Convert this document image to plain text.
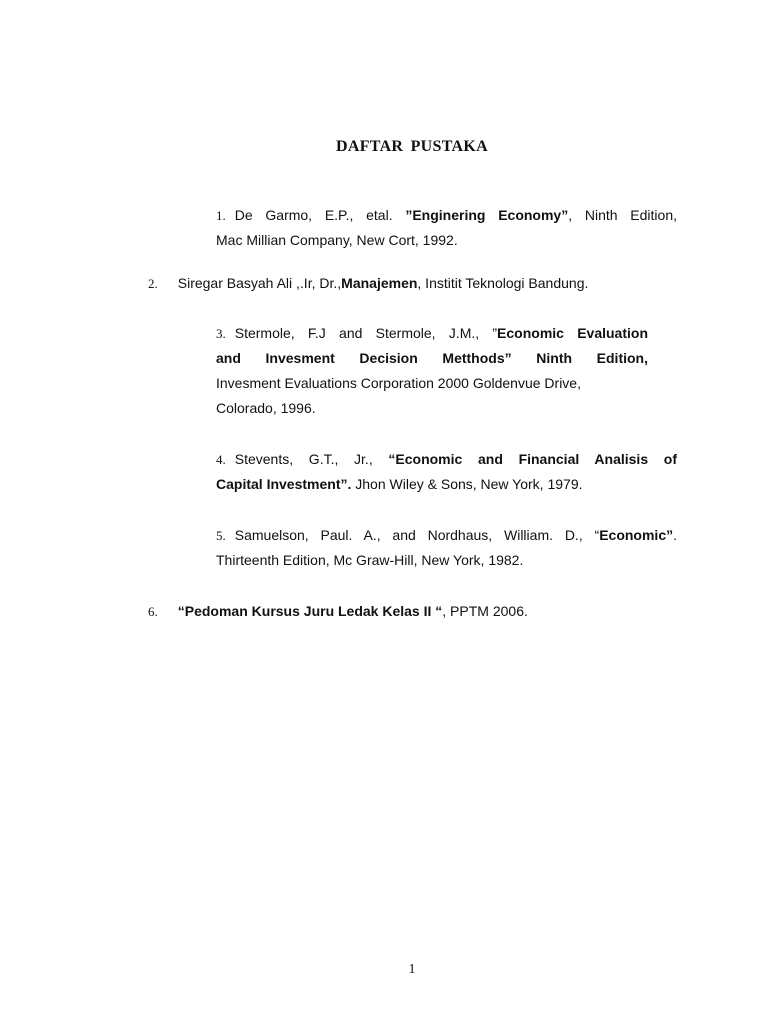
DAFTAR PUSTAKA
1. De Garmo, E.P., etal. ”Enginering Economy”, Ninth Edition,
Mac Millian Company, New Cort, 1992.
2. Siregar Basyah Ali ,.Ir, Dr.,Manajemen, Institit Teknologi Bandung.
3. Stermole, F.J and Stermole, J.M., ”Economic Evaluation
and Invesment Decision Metthods” Ninth Edition,
Invesment Evaluations Corporation 2000 Goldenvue Drive,
Colorado, 1996.
4. Stevents, G.T., Jr., “Economic and Financial Analisis of
Capital Investment”. Jhon Wiley & Sons, New York, 1979.
5. Samuelson, Paul. A., and Nordhaus, William. D., “Economic”.
Thirteenth Edition, Mc Graw-Hill, New York, 1982.
6. “Pedoman Kursus Juru Ledak Kelas II “, PPTM 2006.
1
